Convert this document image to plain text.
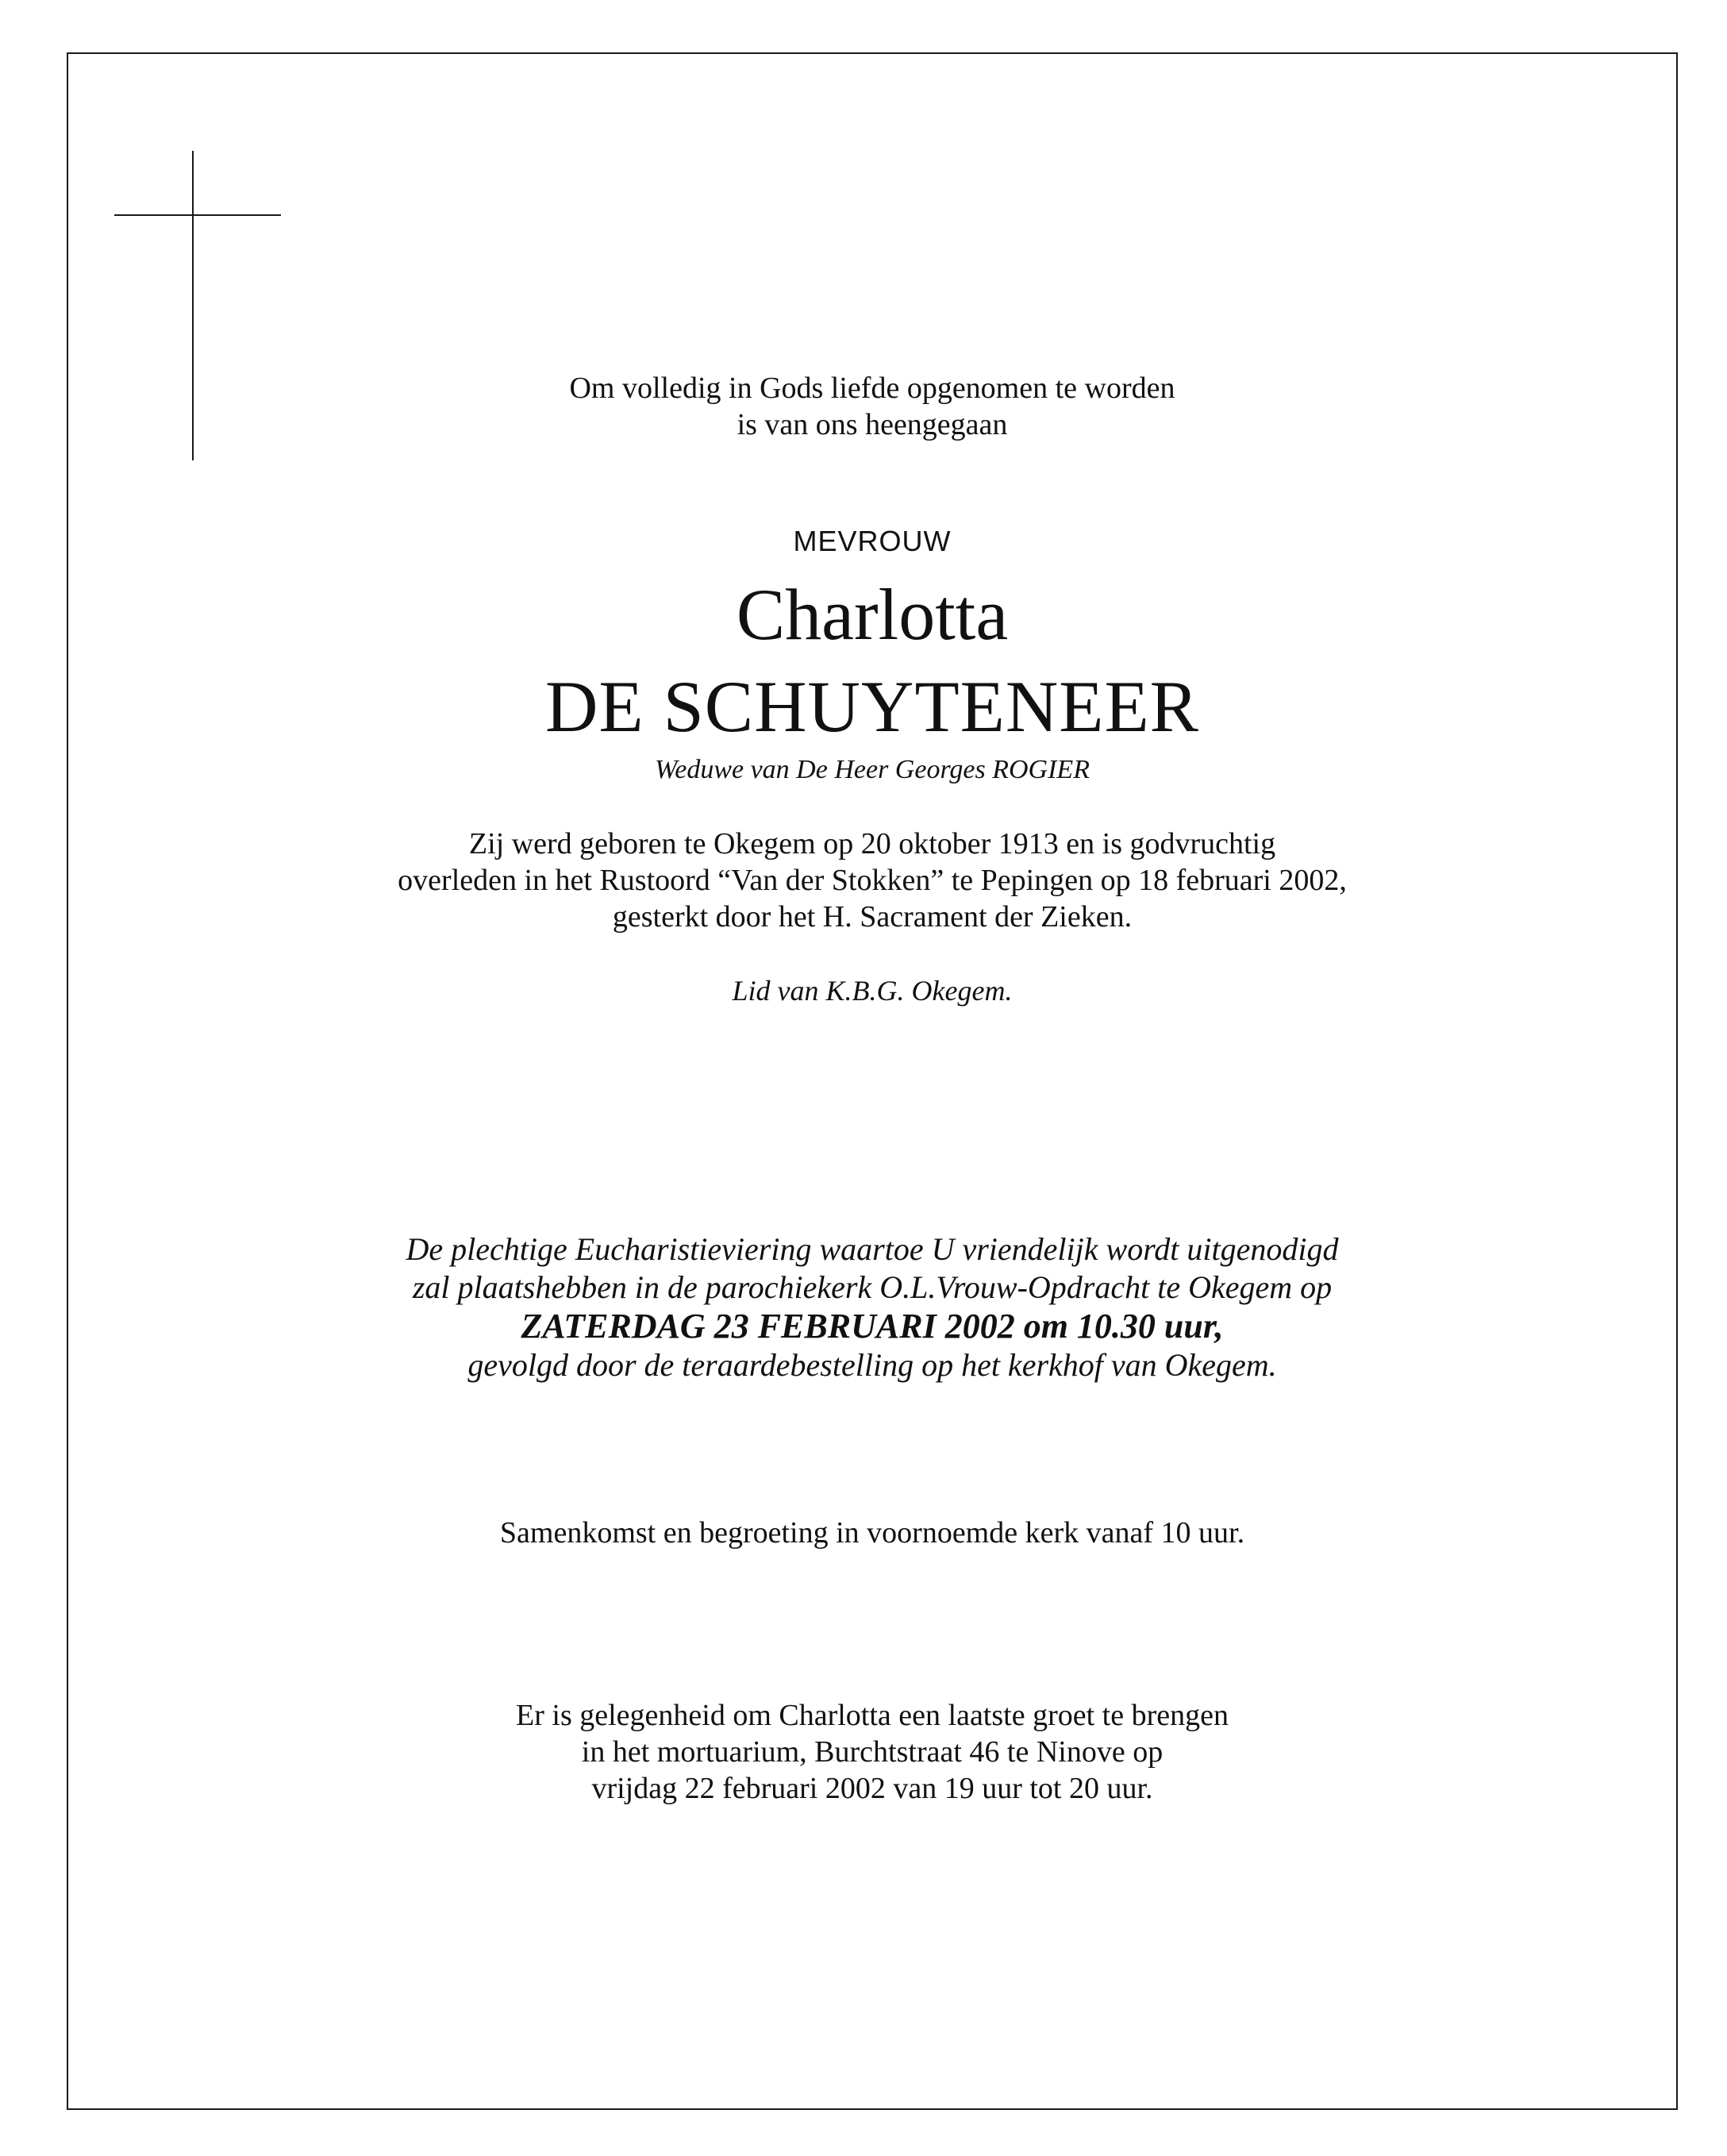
Om volledig in Gods liefde opgenomen te worden
is van ons heengegaan
MEVROUW
Charlotta
DE SCHUYTENEER
Weduwe van De Heer Georges ROGIER
Zij werd geboren te Okegem op 20 oktober 1913 en is godvruchtig
overleden in het Rustoord “Van der Stokken” te Pepingen op 18 februari 2002,
gesterkt door het H. Sacrament der Zieken.
Lid van K.B.G. Okegem.
De plechtige Eucharistieviering waartoe U vriendelijk wordt uitgenodigd
zal plaatshebben in de parochiekerk O.L.Vrouw-Opdracht te Okegem op
ZATERDAG 23 FEBRUARI 2002 om 10.30 uur,
gevolgd door de teraardebestelling op het kerkhof van Okegem.
Samenkomst en begroeting in voornoemde kerk vanaf 10 uur.
Er is gelegenheid om Charlotta een laatste groet te brengen
in het mortuarium, Burchtstraat 46 te Ninove op
vrijdag 22 februari 2002 van 19 uur tot 20 uur.
